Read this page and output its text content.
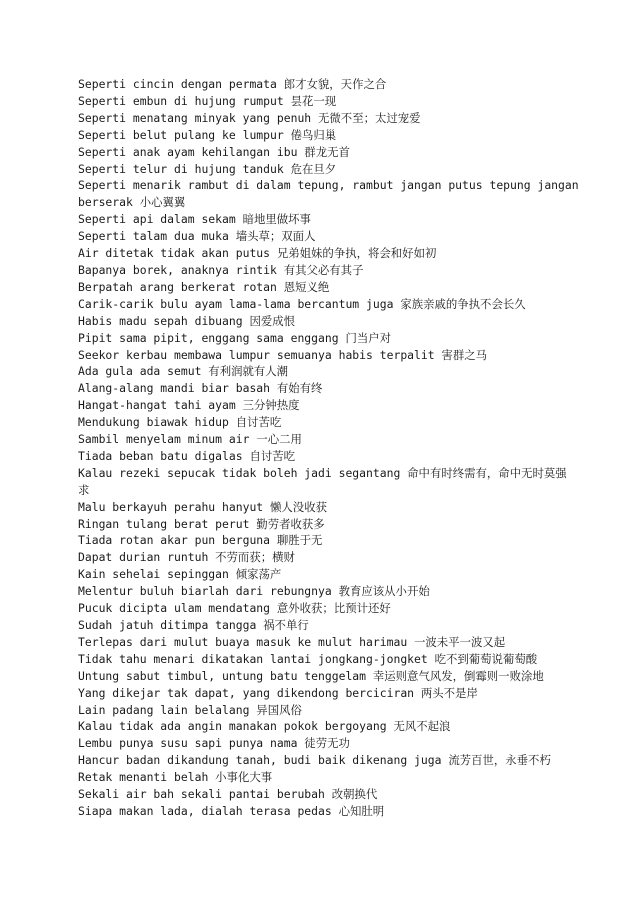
Seperti cincin dengan permata 郎才女貌，天作之合
Seperti embun di hujung rumput 昙花一现
Seperti menatang minyak yang penuh 无微不至；太过宠爱
Seperti belut pulang ke lumpur 倦鸟归巢
Seperti anak ayam kehilangan ibu 群龙无首
Seperti telur di hujung tanduk 危在旦夕
Seperti menarik rambut di dalam tepung, rambut jangan putus tepung jangan
berserak 小心翼翼
Seperti api dalam sekam 暗地里做坏事
Seperti talam dua muka 墙头草；双面人
Air ditetak tidak akan putus 兄弟姐妹的争执，将会和好如初
Bapanya borek, anaknya rintik 有其父必有其子
Berpatah arang berkerat rotan 恩短义绝
Carik-carik bulu ayam lama-lama bercantum juga 家族亲戚的争执不会长久
Habis madu sepah dibuang 因爱成恨
Pipit sama pipit, enggang sama enggang 门当户对
Seekor kerbau membawa lumpur semuanya habis terpalit 害群之马
Ada gula ada semut 有利润就有人潮
Alang-alang mandi biar basah 有始有终
Hangat-hangat tahi ayam 三分钟热度
Mendukung biawak hidup 自讨苦吃
Sambil menyelam minum air 一心二用
Tiada beban batu digalas 自讨苦吃
Kalau rezeki sepucak tidak boleh jadi segantang 命中有时终需有，命中无时莫强
求
Malu berkayuh perahu hanyut 懒人没收获
Ringan tulang berat perut 勤劳者收获多
Tiada rotan akar pun berguna 聊胜于无
Dapat durian runtuh 不劳而获；横财
Kain sehelai sepinggan 倾家荡产
Melentur buluh biarlah dari rebungnya 教育应该从小开始
Pucuk dicipta ulam mendatang 意外收获；比预计还好
Sudah jatuh ditimpa tangga 祸不单行
Terlepas dari mulut buaya masuk ke mulut harimau 一波未平一波又起
Tidak tahu menari dikatakan lantai jongkang-jongket 吃不到葡萄说葡萄酸
Untung sabut timbul, untung batu tenggelam 幸运则意气风发，倒霉则一败涂地
Yang dikejar tak dapat, yang dikendong berciciran 两头不是岸
Lain padang lain belalang 异国风俗
Kalau tidak ada angin manakan pokok bergoyang 无风不起浪
Lembu punya susu sapi punya nama 徒劳无功
Hancur badan dikandung tanah, budi baik dikenang juga 流芳百世，永垂不朽
Retak menanti belah 小事化大事
Sekali air bah sekali pantai berubah 改朝换代
Siapa makan lada, dialah terasa pedas 心知肚明
